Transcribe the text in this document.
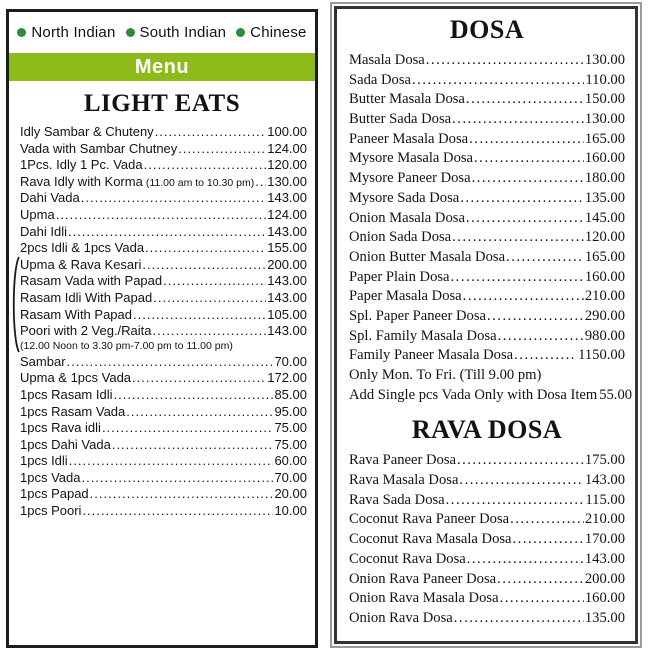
North Indian South Indian Chinese
Menu
LIGHT EATS
Idly Sambar & Chuteny .....	100.00
Vada with Sambar Chutney .....	124.00
1Pcs. Idly 1 Pc. Vada .....	120.00
Rava Idly with Korma (11.00 am to 10.30 pm) ..... 130.00
Dahi Vada .....	143.00
Upma .....	124.00
Dahi Idli .....	143.00
2pcs Idli & 1pcs Vada .....	155.00
Upma & Rava Kesari .....	200.00
Rasam Vada with Papad .....	143.00
Rasam Idli With Papad .....	143.00
Rasam With Papad .....	105.00
Poori with 2 Veg./Raita .....	143.00
(12.00 Noon to 3.30 pm-7.00 pm to 11.00 pm)
Sambar .....	70.00
Upma & 1pcs Vada .....	172.00
1pcs Rasam Idli .....	85.00
1pcs Rasam Vada .....	95.00
1pcs Rava idli .....	75.00
1pcs Dahi Vada .....	75.00
1pcs Idli .....	60.00
1pcs Vada .....	70.00
1pcs Papad .....	20.00
1pcs Poori .....	10.00
DOSA
Masala Dosa .....	130.00
Sada Dosa .....	110.00
Butter Masala Dosa .....	150.00
Butter Sada Dosa .....	130.00
Paneer Masala Dosa .....	165.00
Mysore Masala Dosa .....	160.00
Mysore Paneer Dosa .....	180.00
Mysore Sada Dosa .....	135.00
Onion Masala Dosa .....	145.00
Onion Sada Dosa .....	120.00
Onion Butter Masala Dosa .....	165.00
Paper Plain Dosa .....	160.00
Paper Masala Dosa .....	210.00
Spl. Paper Paneer Dosa .....	290.00
Spl. Family Masala Dosa .....	980.00
Family Paneer Masala Dosa .....	1150.00
Only Mon. To Fri. (Till 9.00 pm)
Add Single pcs Vada Only with Dosa Item 55.00
RAVA DOSA
Rava Paneer Dosa .....	175.00
Rava Masala Dosa .....	143.00
Rava Sada Dosa .....	115.00
Coconut Rava Paneer Dosa .....	210.00
Coconut Rava Masala Dosa .....	170.00
Coconut Rava Dosa .....	143.00
Onion Rava Paneer Dosa .....	200.00
Onion Rava Masala Dosa .....	160.00
Onion Rava Dosa .....	135.00
